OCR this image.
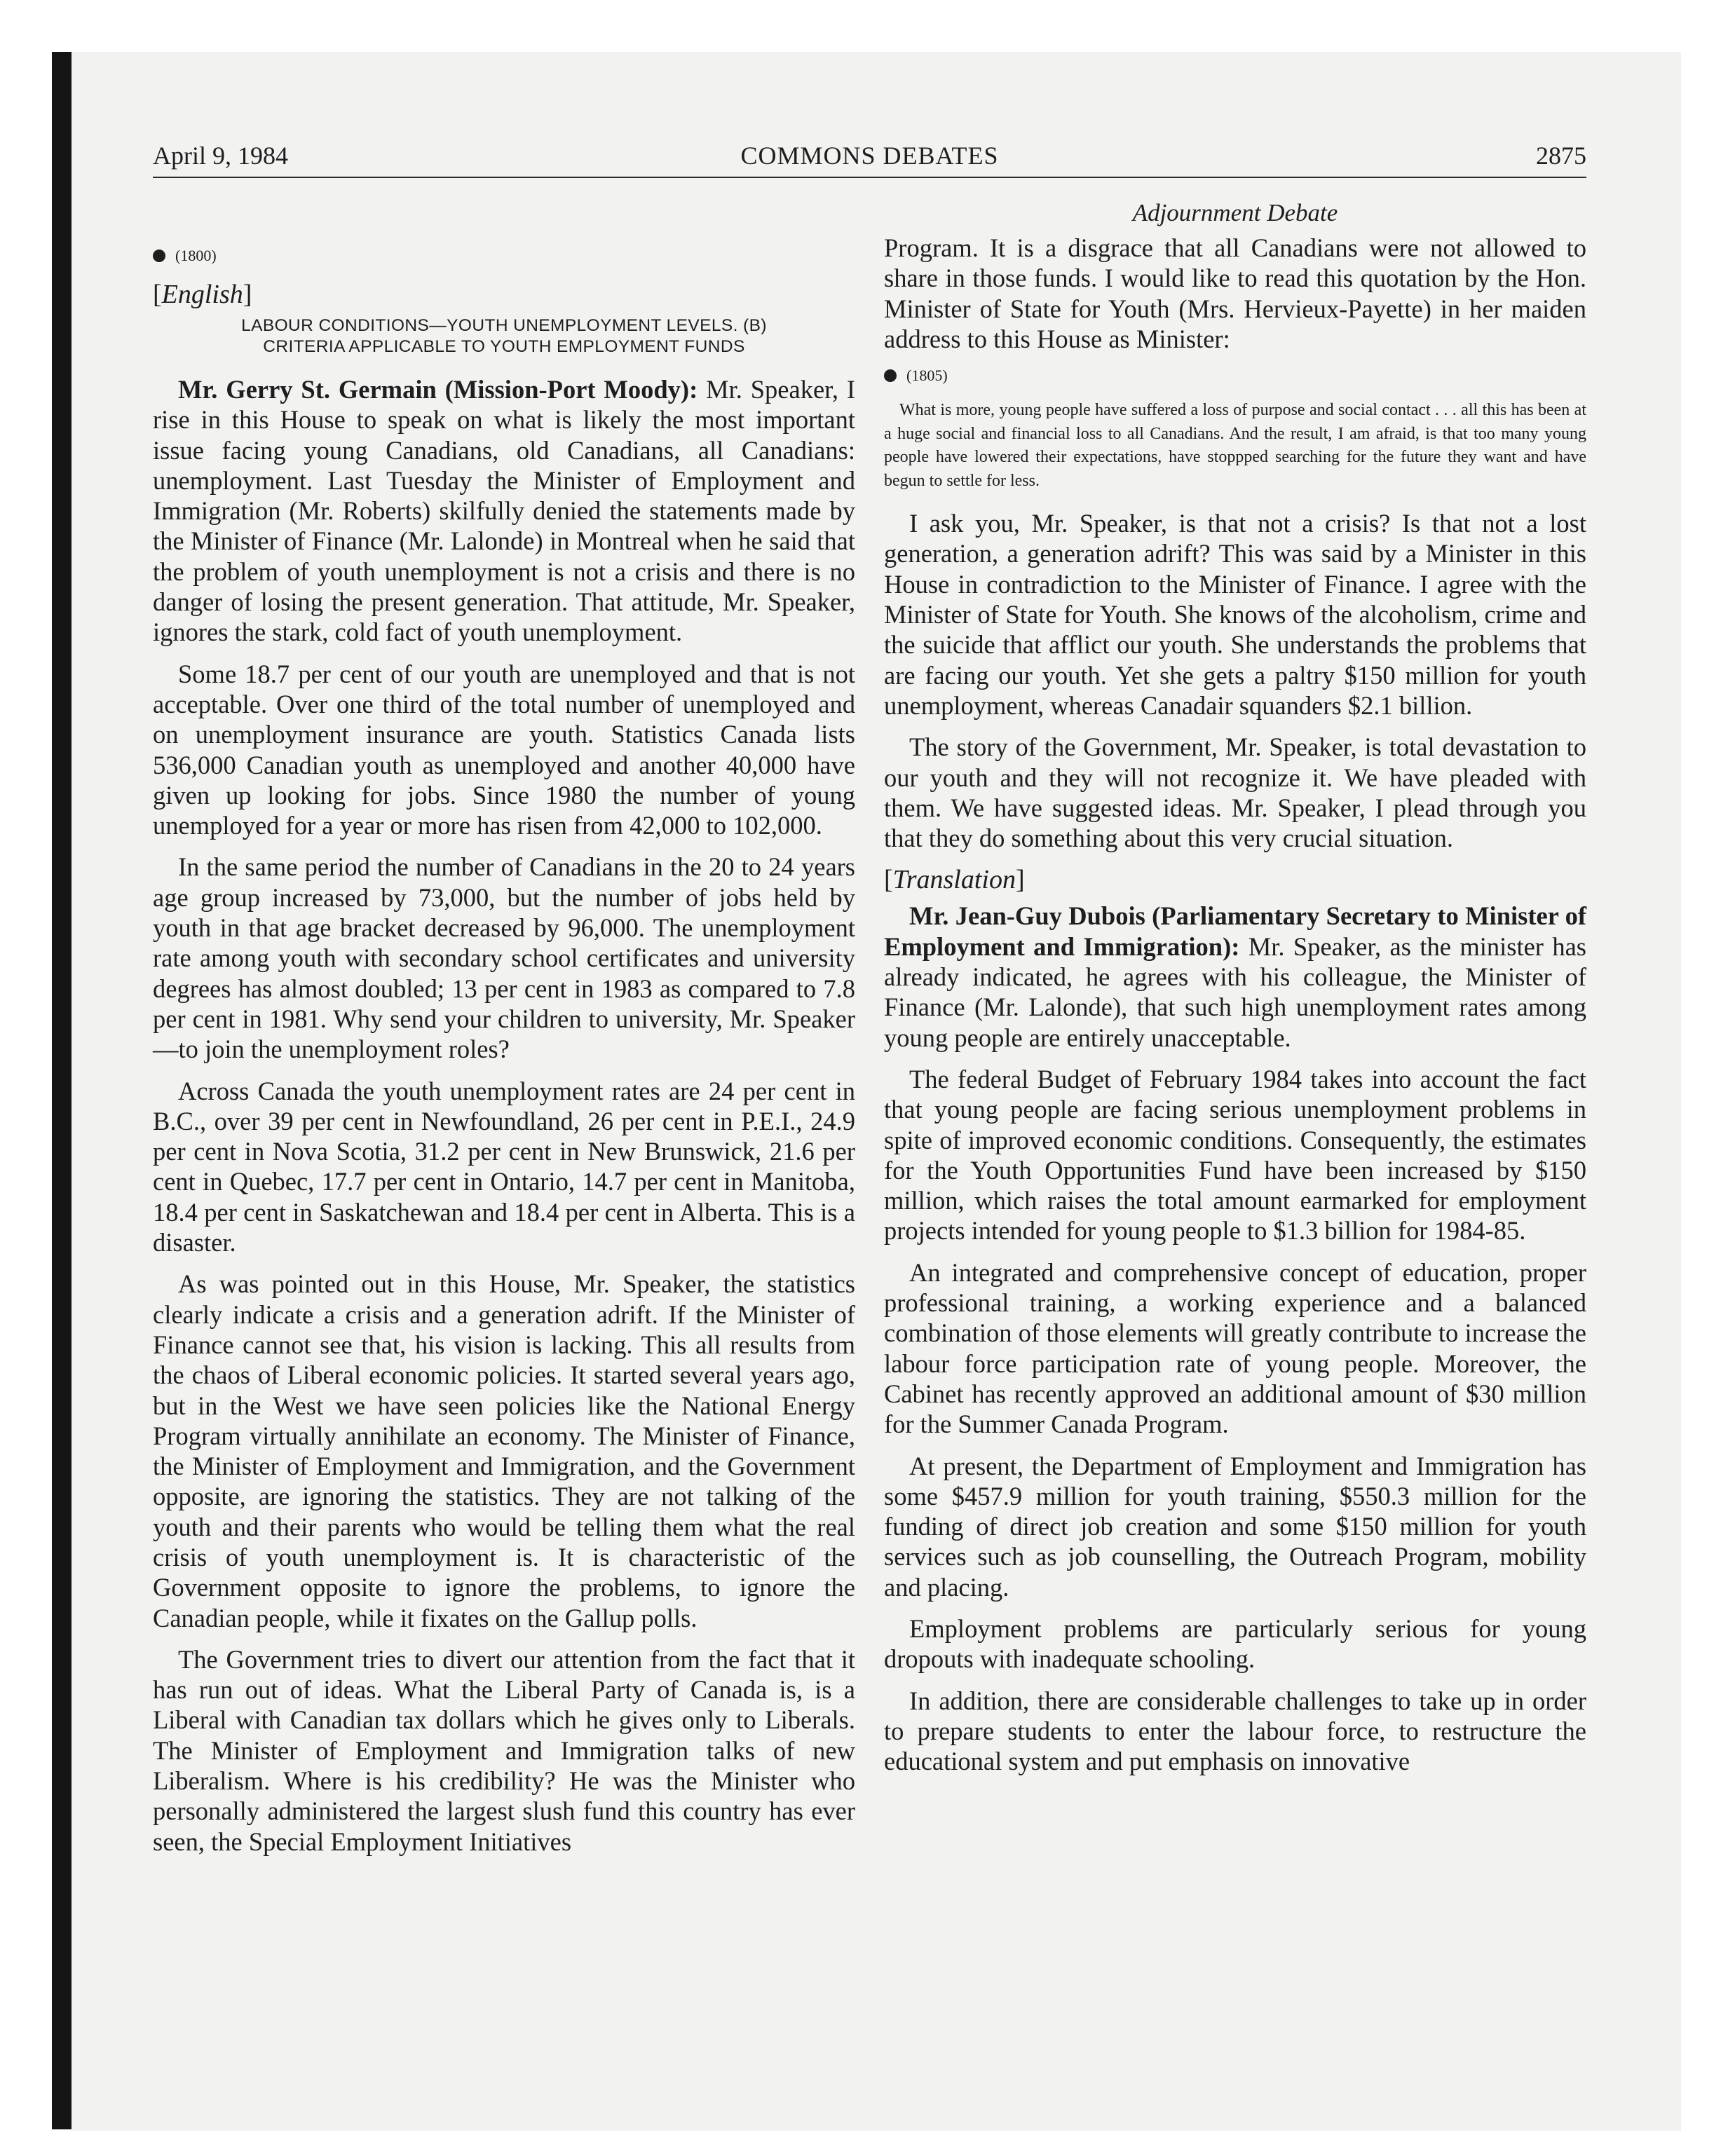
April 9, 1984	COMMONS DEBATES	2875

(1800)

[ English ]

LABOUR CONDITIONS—YOUTH UNEMPLOYMENT LEVELS. (B)
CRITERIA APPLICABLE TO YOUTH EMPLOYMENT FUNDS

Mr. Gerry St. Germain (Mission-Port Moody): Mr. Speaker, I rise in this House to speak on what is likely the most important issue facing young Canadians, old Canadians, all Canadians: unemployment. Last Tuesday the Minister of Employment and Immigration (Mr. Roberts) skilfully denied the statements made by the Minister of Finance (Mr. Lalonde) in Montreal when he said that the problem of youth unemployment is not a crisis and there is no danger of losing the present generation. That attitude, Mr. Speaker, ignores the stark, cold fact of youth unemployment.

Some 18.7 per cent of our youth are unemployed and that is not acceptable. Over one third of the total number of unemployed and on unemployment insurance are youth. Statistics Canada lists 536,000 Canadian youth as unemployed and another 40,000 have given up looking for jobs. Since 1980 the number of young unemployed for a year or more has risen from 42,000 to 102,000.

In the same period the number of Canadians in the 20 to 24 years age group increased by 73,000, but the number of jobs held by youth in that age bracket decreased by 96,000. The unemployment rate among youth with secondary school certificates and university degrees has almost doubled; 13 per cent in 1983 as compared to 7.8 per cent in 1981. Why send your children to university, Mr. Speaker—to join the unemployment roles?

Across Canada the youth unemployment rates are 24 per cent in B.C., over 39 per cent in Newfoundland, 26 per cent in P.E.I., 24.9 per cent in Nova Scotia, 31.2 per cent in New Brunswick, 21.6 per cent in Quebec, 17.7 per cent in Ontario, 14.7 per cent in Manitoba, 18.4 per cent in Saskatchewan and 18.4 per cent in Alberta. This is a disaster.

As was pointed out in this House, Mr. Speaker, the statistics clearly indicate a crisis and a generation adrift. If the Minister of Finance cannot see that, his vision is lacking. This all results from the chaos of Liberal economic policies. It started several years ago, but in the West we have seen policies like the National Energy Program virtually annihilate an economy. The Minister of Finance, the Minister of Employment and Immigration, and the Government opposite, are ignoring the statistics. They are not talking of the youth and their parents who would be telling them what the real crisis of youth unemployment is. It is characteristic of the Government opposite to ignore the problems, to ignore the Canadian people, while it fixates on the Gallup polls.

The Government tries to divert our attention from the fact that it has run out of ideas. What the Liberal Party of Canada is, is a Liberal with Canadian tax dollars which he gives only to Liberals. The Minister of Employment and Immigration talks of new Liberalism. Where is his credibility? He was the Minister who personally administered the largest slush fund this country has ever seen, the Special Employment Initiatives

Adjournment Debate

Program. It is a disgrace that all Canadians were not allowed to share in those funds. I would like to read this quotation by the Hon. Minister of State for Youth (Mrs. Hervieux-Payette) in her maiden address to this House as Minister:

(1805)

What is more, young people have suffered a loss of purpose and social contact . . . all this has been at a huge social and financial loss to all Canadians. And the result, I am afraid, is that too many young people have lowered their expectations, have stoppped searching for the future they want and have begun to settle for less.

I ask you, Mr. Speaker, is that not a crisis? Is that not a lost generation, a generation adrift? This was said by a Minister in this House in contradiction to the Minister of Finance. I agree with the Minister of State for Youth. She knows of the alcoholism, crime and the suicide that afflict our youth. She understands the problems that are facing our youth. Yet she gets a paltry $150 million for youth unemployment, whereas Canadair squanders $2.1 billion.

The story of the Government, Mr. Speaker, is total devastation to our youth and they will not recognize it. We have pleaded with them. We have suggested ideas. Mr. Speaker, I plead through you that they do something about this very crucial situation.

[ Translation ]

Mr. Jean-Guy Dubois (Parliamentary Secretary to Minister of Employment and Immigration): Mr. Speaker, as the minister has already indicated, he agrees with his colleague, the Minister of Finance (Mr. Lalonde), that such high unemployment rates among young people are entirely unacceptable.

The federal Budget of February 1984 takes into account the fact that young people are facing serious unemployment problems in spite of improved economic conditions. Consequently, the estimates for the Youth Opportunities Fund have been increased by $150 million, which raises the total amount earmarked for employment projects intended for young people to $1.3 billion for 1984-85.

An integrated and comprehensive concept of education, proper professional training, a working experience and a balanced combination of those elements will greatly contribute to increase the labour force participation rate of young people. Moreover, the Cabinet has recently approved an additional amount of $30 million for the Summer Canada Program.

At present, the Department of Employment and Immigration has some $457.9 million for youth training, $550.3 million for the funding of direct job creation and some $150 million for youth services such as job counselling, the Outreach Program, mobility and placing.

Employment problems are particularly serious for young dropouts with inadequate schooling.

In addition, there are considerable challenges to take up in order to prepare students to enter the labour force, to restructure the educational system and put emphasis on innovative
